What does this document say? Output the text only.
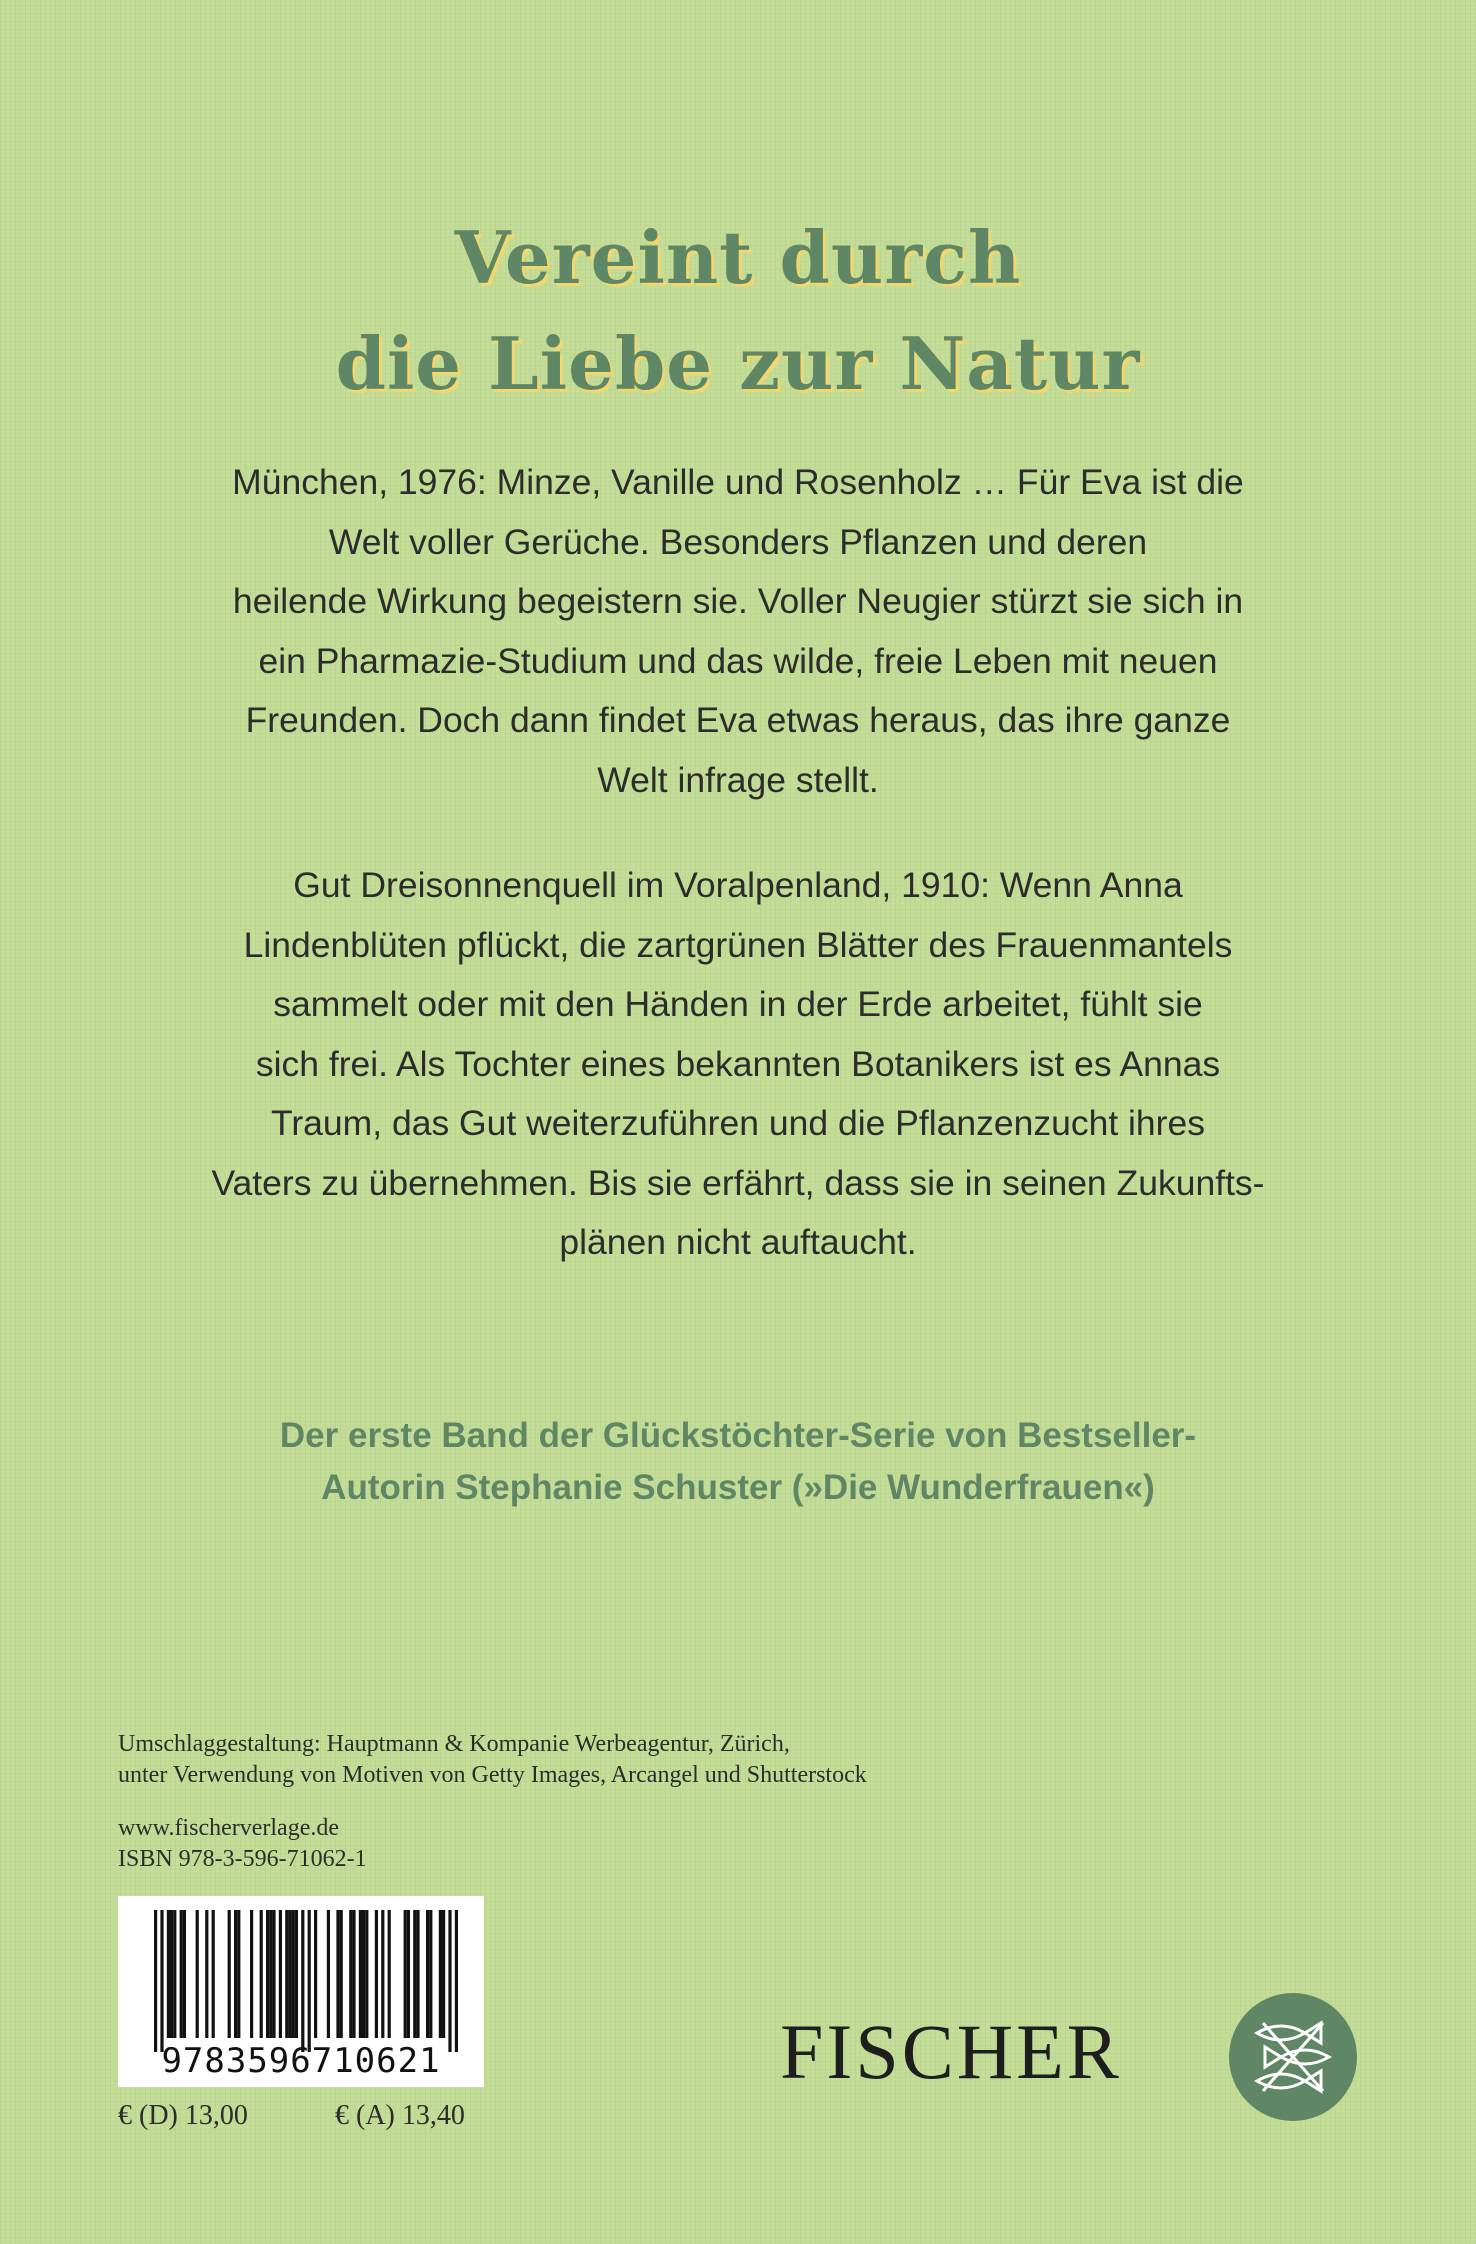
Vereint durch
die Liebe zur Natur
München, 1976: Minze, Vanille und Rosenholz … Für Eva ist die
Welt voller Gerüche. Besonders Pflanzen und deren
heilende Wirkung begeistern sie. Voller Neugier stürzt sie sich in
ein Pharmazie-Studium und das wilde, freie Leben mit neuen
Freunden. Doch dann findet Eva etwas heraus, das ihre ganze
Welt infrage stellt.
Gut Dreisonnenquell im Voralpenland, 1910: Wenn Anna
Lindenblüten pflückt, die zartgrünen Blätter des Frauenmantels
sammelt oder mit den Händen in der Erde arbeitet, fühlt sie
sich frei. Als Tochter eines bekannten Botanikers ist es Annas
Traum, das Gut weiterzuführen und die Pflanzenzucht ihres
Vaters zu übernehmen. Bis sie erfährt, dass sie in seinen Zukunfts-
plänen nicht auftaucht.
Der erste Band der Glückstöchter-Serie von Bestseller-
Autorin Stephanie Schuster (»Die Wunderfrauen«)
Umschlaggestaltung: Hauptmann & Kompanie Werbeagentur, Zürich,
unter Verwendung von Motiven von Getty Images, Arcangel und Shutterstock
www.fischerverlage.de
ISBN 978-3-596-71062-1
9783596710621
€ (D) 13,00	€ (A) 13,40
FISCHER
